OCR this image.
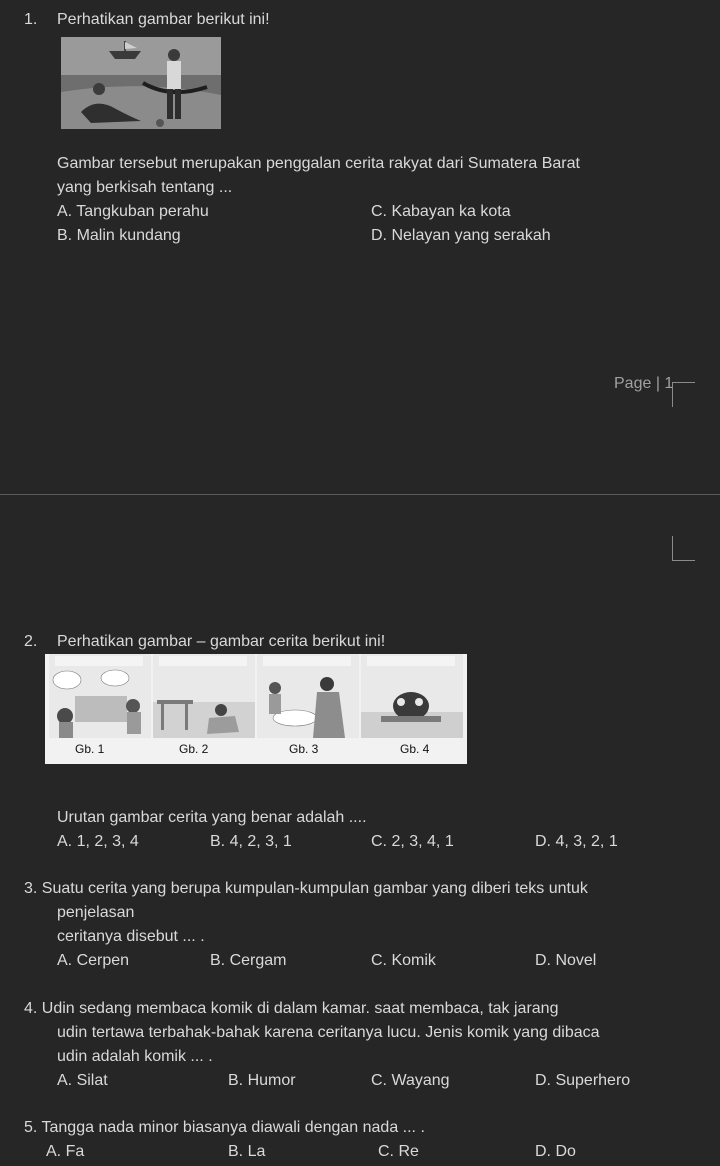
1. Perhatikan gambar berikut ini!
Gambar tersebut merupakan penggalan cerita rakyat dari Sumatera Barat
yang berkisah tentang ...
A. Tangkuban perahu	C. Kabayan ka kota
B. Malin kundang	D. Nelayan yang serakah
Page | 1
2. Perhatikan gambar – gambar cerita berikut ini!
Gb. 1	Gb. 2	Gb. 3	Gb. 4
Urutan gambar cerita yang benar adalah ....
A. 1, 2, 3, 4	B. 4, 2, 3, 1	C. 2, 3, 4, 1	D. 4, 3, 2, 1
3. Suatu cerita yang berupa kumpulan-kumpulan gambar yang diberi teks untuk
penjelasan
ceritanya disebut ... .
A. Cerpen	B. Cergam	C. Komik	D. Novel
4. Udin sedang membaca komik di dalam kamar. saat membaca, tak jarang
udin tertawa terbahak-bahak karena ceritanya lucu. Jenis komik yang dibaca
udin adalah komik ... .
A. Silat	B. Humor	C. Wayang	D. Superhero
5. Tangga nada minor biasanya diawali dengan nada ... .
A. Fa	B. La	C. Re	D. Do
